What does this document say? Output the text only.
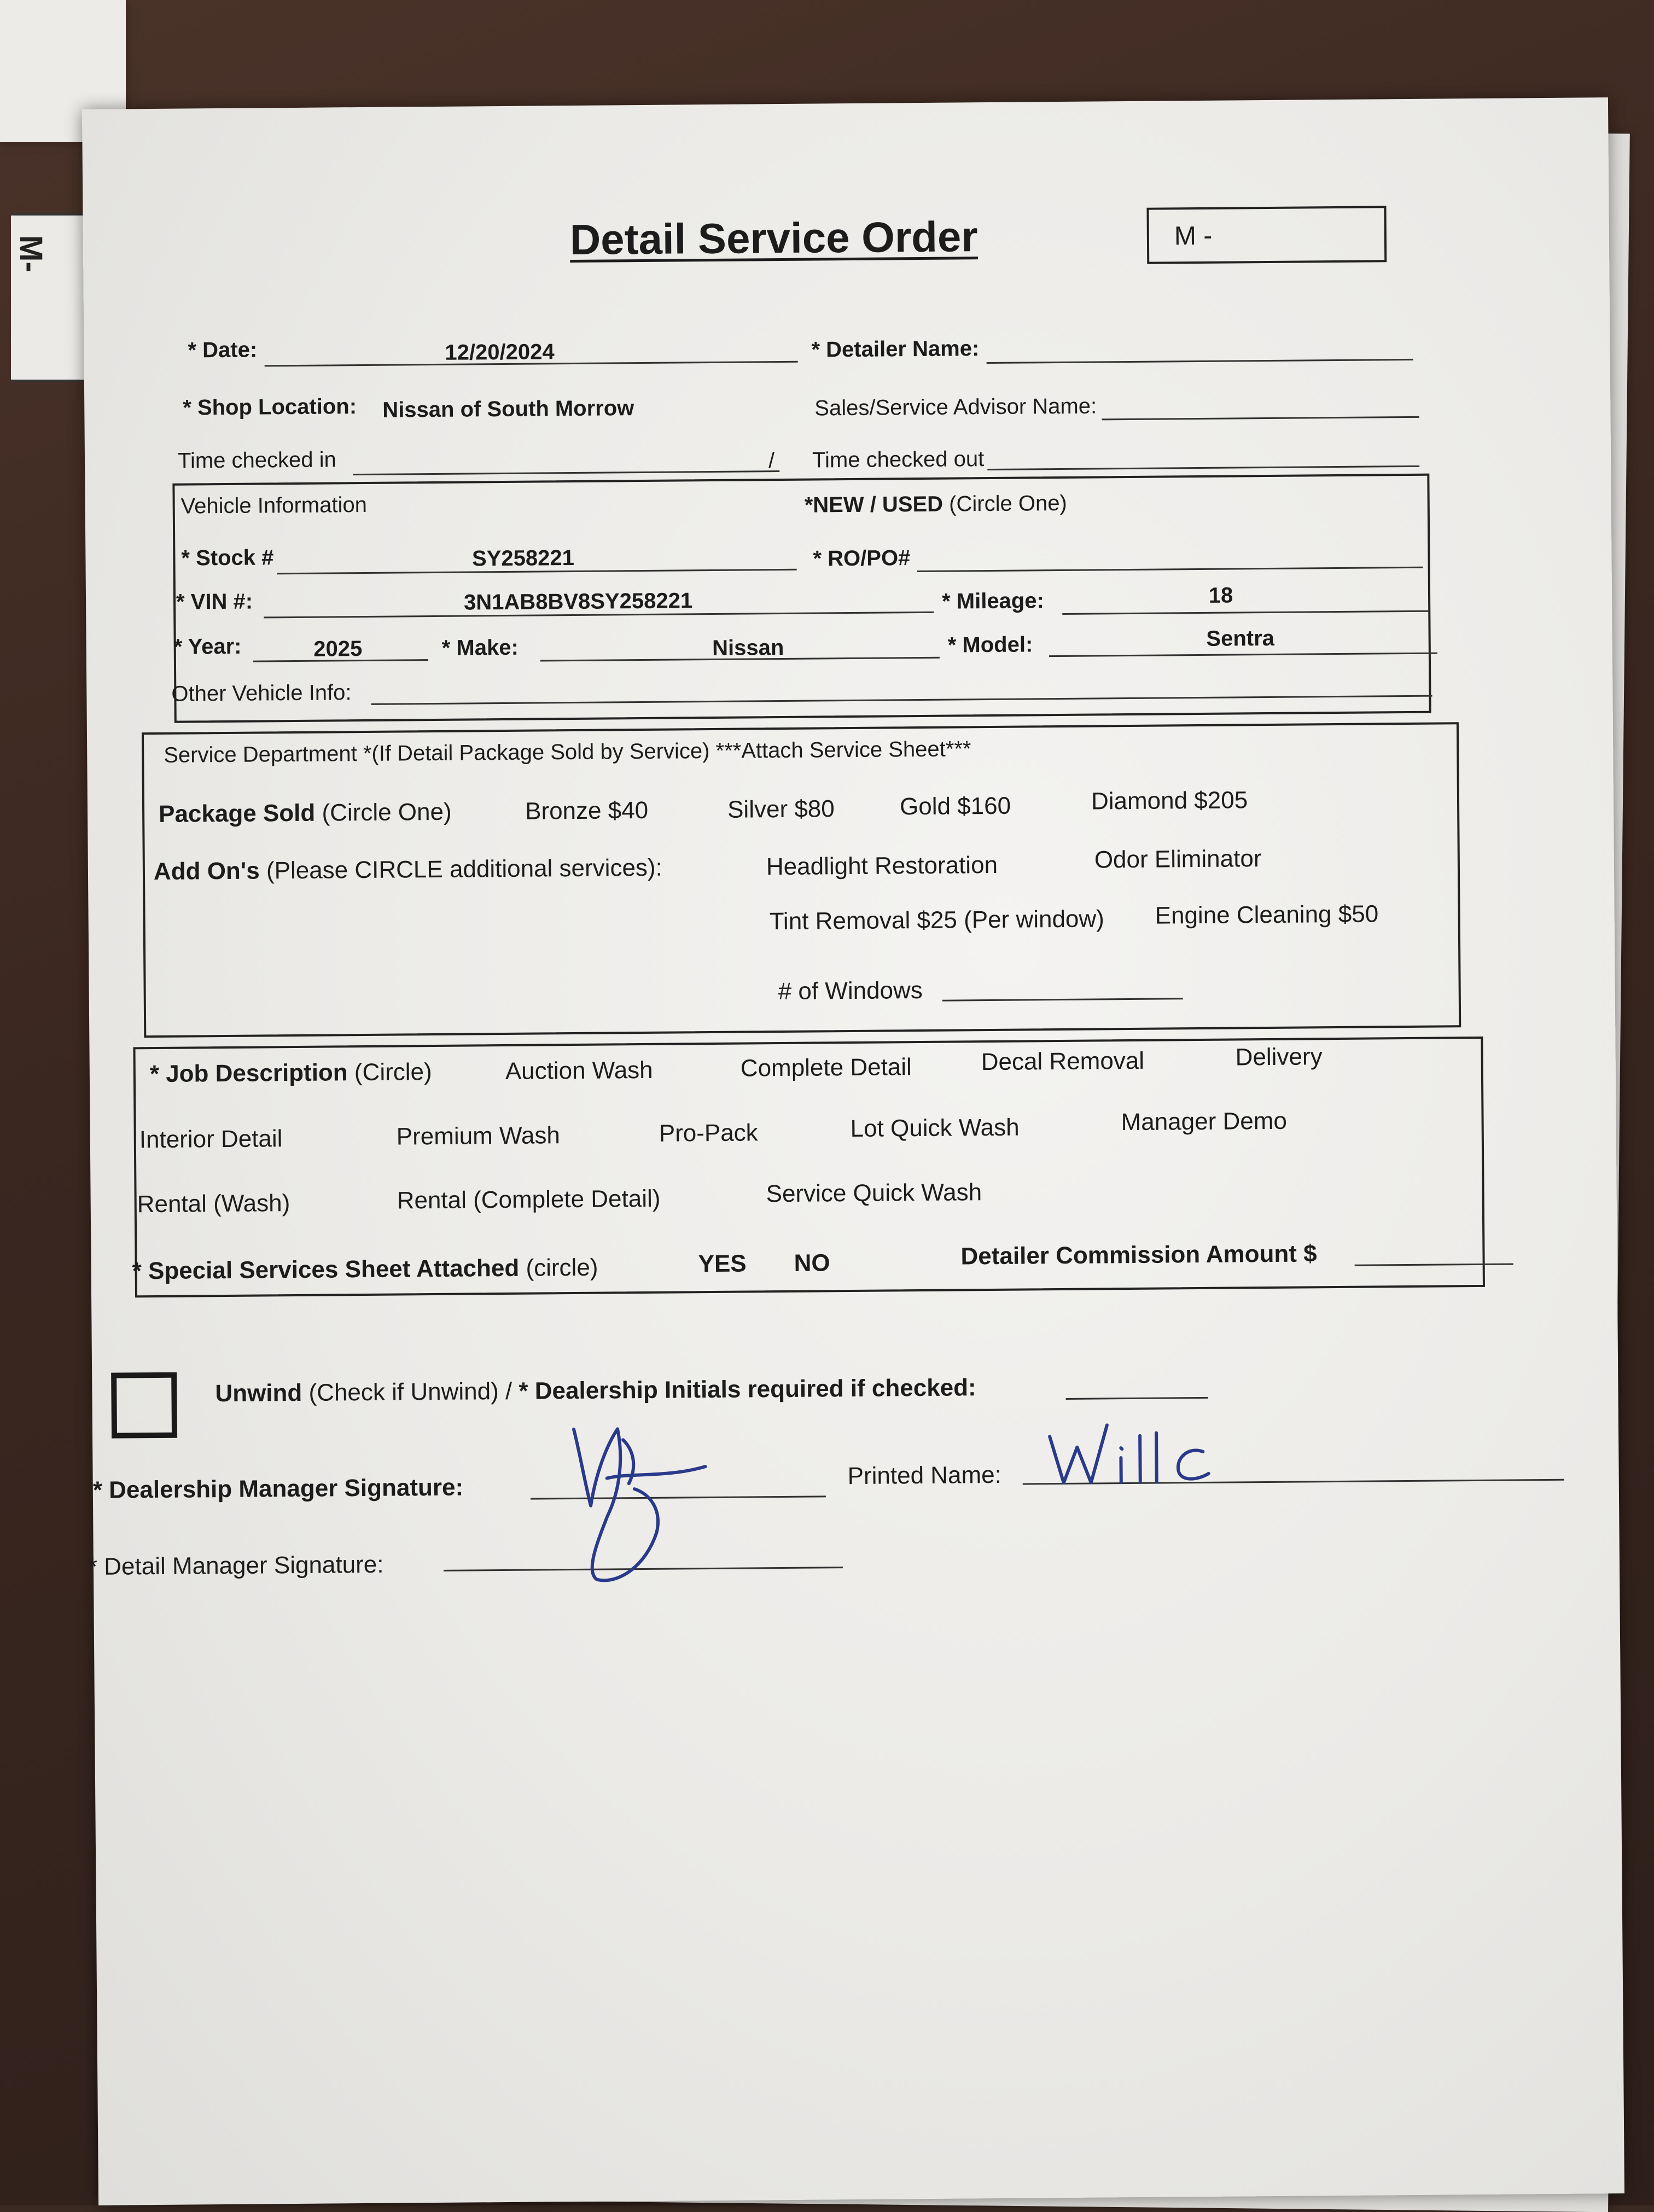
M-	Detail Service Order	M -
* Date:	12/20/2024	* Detailer Name:
* Shop Location: Nissan of South Morrow	Sales/Service Advisor Name:
Time checked in	/ Time checked out
Vehicle Information	*NEW / USED (Circle One)
* Stock #	SY258221	* RO/PO#
* VIN #:	3N1AB8BV8SY258221	* Mileage:	18
* Year:	2025	* Make:	Nissan	* Model:	Sentra
Other Vehicle Info:
Service Department *(If Detail Package Sold by Service) ***Attach Service Sheet***
Package Sold (Circle One)	Bronze $40	Silver $80	Gold $160	Diamond $205
Add On's (Please CIRCLE additional services):	Headlight Restoration	Odor Eliminator
Tint Removal $25 (Per window) Engine Cleaning $50
# of Windows
* Job Description (Circle)	Auction Wash	Complete Detail	Decal Removal	Delivery
Interior Detail	Premium Wash	Pro-Pack	Lot Quick Wash	Manager Demo
Rental (Wash)	Rental (Complete Detail)	Service Quick Wash
* Special Services Sheet Attached (circle)	YES NO	Detailer Commission Amount $
Unwind (Check if Unwind) / * Dealership Initials required if checked:
* Dealership Manager Signature:	Printed Name:
* Detail Manager Signature:
